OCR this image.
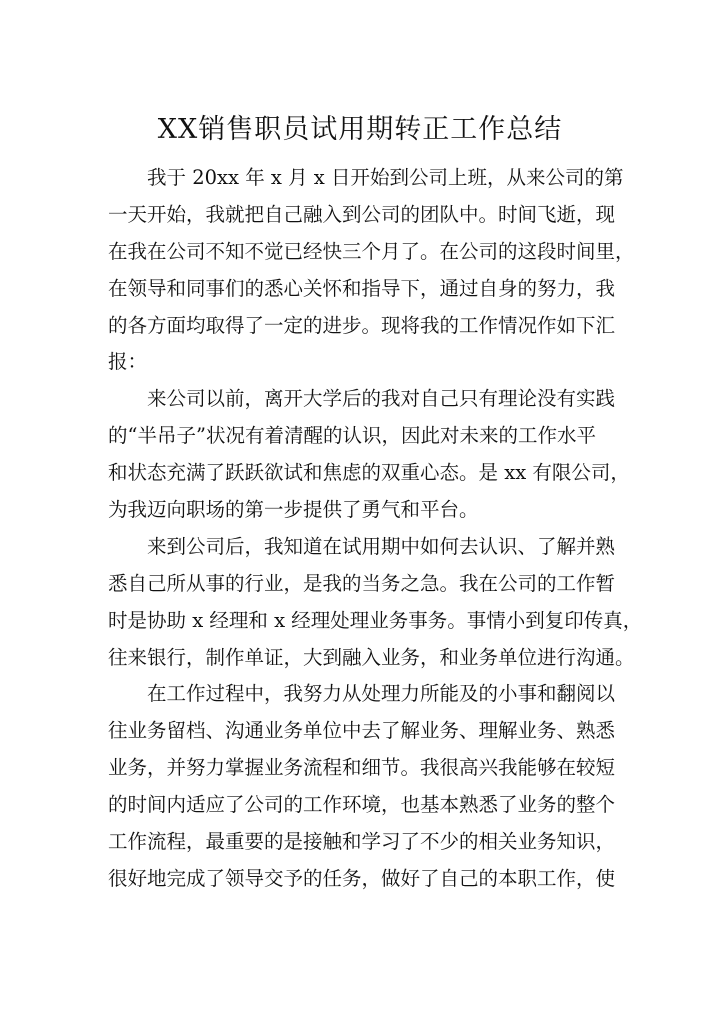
XX销售职员试用期转正工作总结

我于 20xx 年 x 月 x 日开始到公司上班，从来公司的第

一天开始，我就把自己融入到公司的团队中。时间飞逝，现

在我在公司不知不觉已经快三个月了。在公司的这段时间里，

在领导和同事们的悉心关怀和指导下，通过自身的努力，我

的各方面均取得了一定的进步。现将我的工作情况作如下汇

报：

来公司以前，离开大学后的我对自己只有理论没有实践

的“半吊子”状况有着清醒的认识，因此对未来的工作水平

和状态充满了跃跃欲试和焦虑的双重心态。是 xx 有限公司，

为我迈向职场的第一步提供了勇气和平台。

来到公司后，我知道在试用期中如何去认识、了解并熟

悉自己所从事的行业，是我的当务之急。我在公司的工作暂

时是协助 x 经理和 x 经理处理业务事务。事情小到复印传真，

往来银行，制作单证，大到融入业务，和业务单位进行沟通。

在工作过程中，我努力从处理力所能及的小事和翻阅以

往业务留档、沟通业务单位中去了解业务、理解业务、熟悉

业务，并努力掌握业务流程和细节。我很高兴我能够在较短

的时间内适应了公司的工作环境，也基本熟悉了业务的整个

工作流程，最重要的是接触和学习了不少的相关业务知识，

很好地完成了领导交予的任务，做好了自己的本职工作，使
